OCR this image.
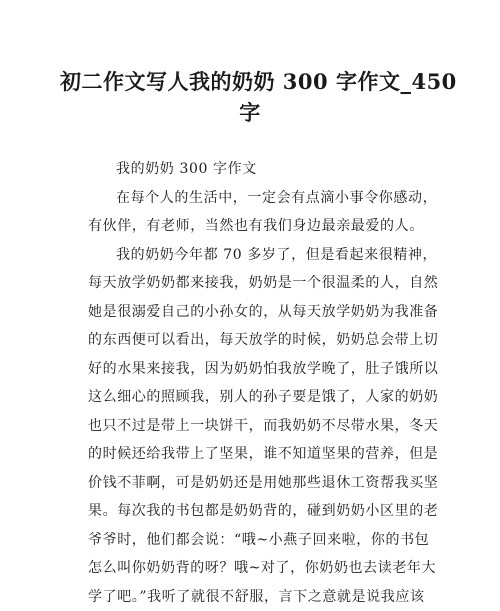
初二作文写人我的奶奶 300 字作文_450
字
我的奶奶 300 字作文
在每个人的生活中，一定会有点滴小事令你感动，
有伙伴，有老师，当然也有我们身边最亲最爱的人。
我的奶奶今年都 70 多岁了，但是看起来很精神，
每天放学奶奶都来接我，奶奶是一个很温柔的人，自然
她是很溺爱自己的小孙女的，从每天放学奶奶为我准备
的东西便可以看出，每天放学的时候，奶奶总会带上切
好的水果来接我，因为奶奶怕我放学晚了，肚子饿所以
这么细心的照顾我，别人的孙子要是饿了，人家的奶奶
也只不过是带上一块饼干，而我奶奶不尽带水果，冬天
的时候还给我带上了坚果，谁不知道坚果的营养，但是
价钱不菲啊，可是奶奶还是用她那些退休工资帮我买坚
果。每次我的书包都是奶奶背的，碰到奶奶小区里的老
爷爷时，他们都会说：“哦~小燕子回来啦，你的书包
怎么叫你奶奶背的呀？哦~对了，你奶奶也去读老年大
学了吧。”我听了就很不舒服，言下之意就是说我应该
